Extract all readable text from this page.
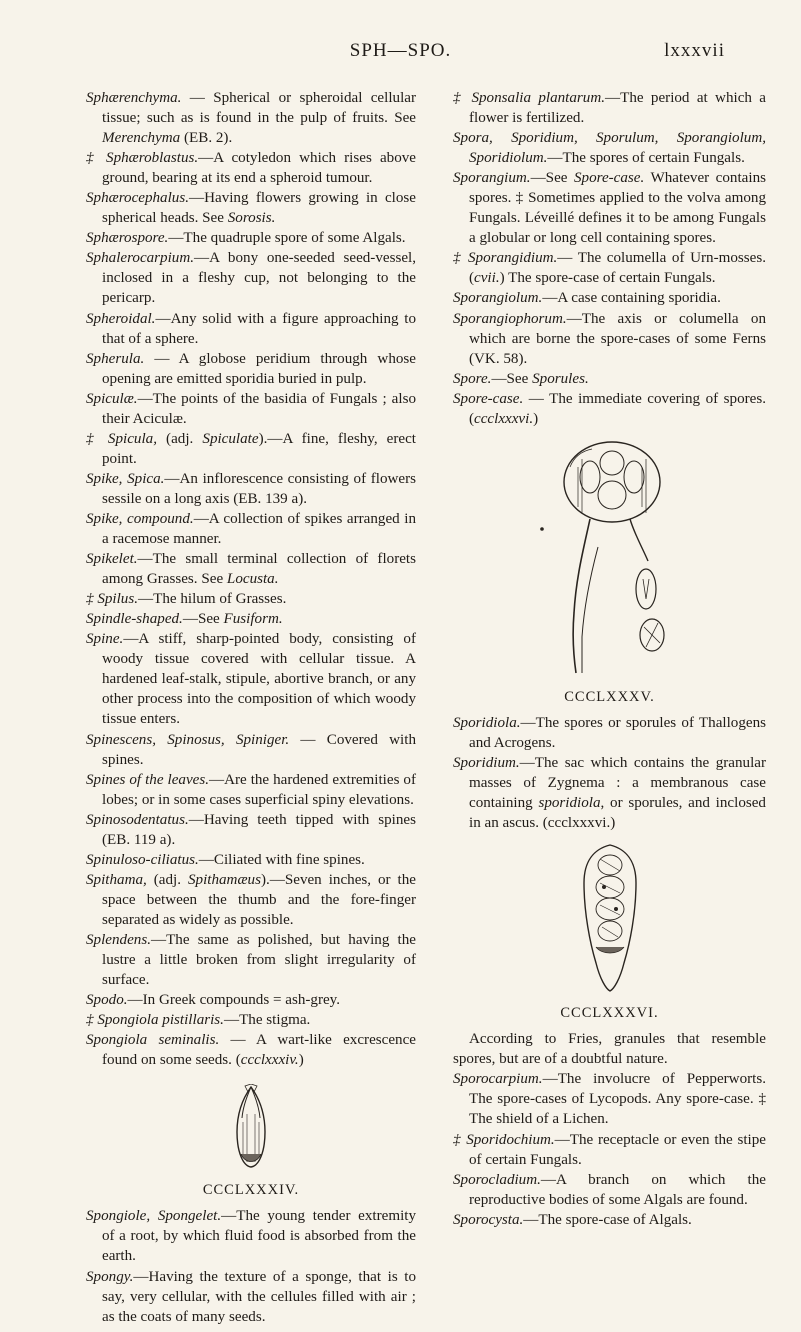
SPH—SPO.	lxxxvii

Sphærenchyma. — Spherical or spheroidal cellular tissue; such as is found in the pulp of fruits. See Merenchyma (EB. 2).

‡ Sphæroblastus.—A cotyledon which rises above ground, bearing at its end a spheroid tumour.

Sphærocephalus.—Having flowers growing in close spherical heads. See Sorosis.

Sphærospore.—The quadruple spore of some Algals.

Sphalerocarpium.—A bony one-seeded seed-vessel, inclosed in a fleshy cup, not belonging to the pericarp.

Spheroidal.—Any solid with a figure approaching to that of a sphere.

Spherula. — A globose peridium through whose opening are emitted sporidia buried in pulp.

Spiculæ.—The points of the basidia of Fungals ; also their Aciculæ.

‡ Spicula, (adj. Spiculate).—A fine, fleshy, erect point.

Spike, Spica.—An inflorescence consisting of flowers sessile on a long axis (EB. 139 a).

Spike, compound.—A collection of spikes arranged in a racemose manner.

Spikelet.—The small terminal collection of florets among Grasses. See Locusta.

‡ Spilus.—The hilum of Grasses.

Spindle-shaped.—See Fusiform.

Spine.—A stiff, sharp-pointed body, consisting of woody tissue covered with cellular tissue. A hardened leaf-stalk, stipule, abortive branch, or any other process into the composition of which woody tissue enters.

Spinescens, Spinosus, Spiniger. — Covered with spines.

Spines of the leaves.—Are the hardened extremities of lobes; or in some cases superficial spiny elevations.

Spinosodentatus.—Having teeth tipped with spines (EB. 119 a).

Spinuloso-ciliatus.—Ciliated with fine spines.

Spithama, (adj. Spithamæus).—Seven inches, or the space between the thumb and the fore-finger separated as widely as possible.

Splendens.—The same as polished, but having the lustre a little broken from slight irregularity of surface.

Spodo.—In Greek compounds = ash-grey.

‡ Spongiola pistillaris.—The stigma.

Spongiola seminalis. — A wart-like excrescence found on some seeds. (ccclxxxiv.)

CCCLXXXIV.

Spongiole, Spongelet.—The young tender extremity of a root, by which fluid food is absorbed from the earth.

Spongy.—Having the texture of a sponge, that is to say, very cellular, with the cellules filled with air ; as the coats of many seeds.

‡ Sponsalia plantarum.—The period at which a flower is fertilized.

Spora, Sporidium, Sporulum, Sporangiolum, Sporidiolum.—The spores of certain Fungals.

Sporangium.—See Spore-case. Whatever contains spores. ‡ Sometimes applied to the volva among Fungals. Léveillé defines it to be among Fungals a globular or long cell containing spores.

‡ Sporangidium.— The columella of Urn-mosses. (cvii.) The spore-case of certain Fungals.

Sporangiolum.—A case containing sporidia.

Sporangiophorum.—The axis or columella on which are borne the spore-cases of some Ferns (VK. 58).

Spore.—See Sporules.

Spore-case. — The immediate covering of spores. (ccclxxxvi.)

CCCLXXXV.

Sporidiola.—The spores or sporules of Thallogens and Acrogens.

Sporidium.—The sac which contains the granular masses of Zygnema : a membranous case containing sporidiola, or sporules, and inclosed in an ascus. (ccclxxxvi.)

CCCLXXXVI.

According to Fries, granules that resemble spores, but are of a doubtful nature.

Sporocarpium.—The involucre of Pepperworts. The spore-cases of Lycopods. Any spore-case. ‡ The shield of a Lichen.

‡ Sporidochium.—The receptacle or even the stipe of certain Fungals.

Sporocladium.—A branch on which the reproductive bodies of some Algals are found.

Sporocysta.—The spore-case of Algals.
